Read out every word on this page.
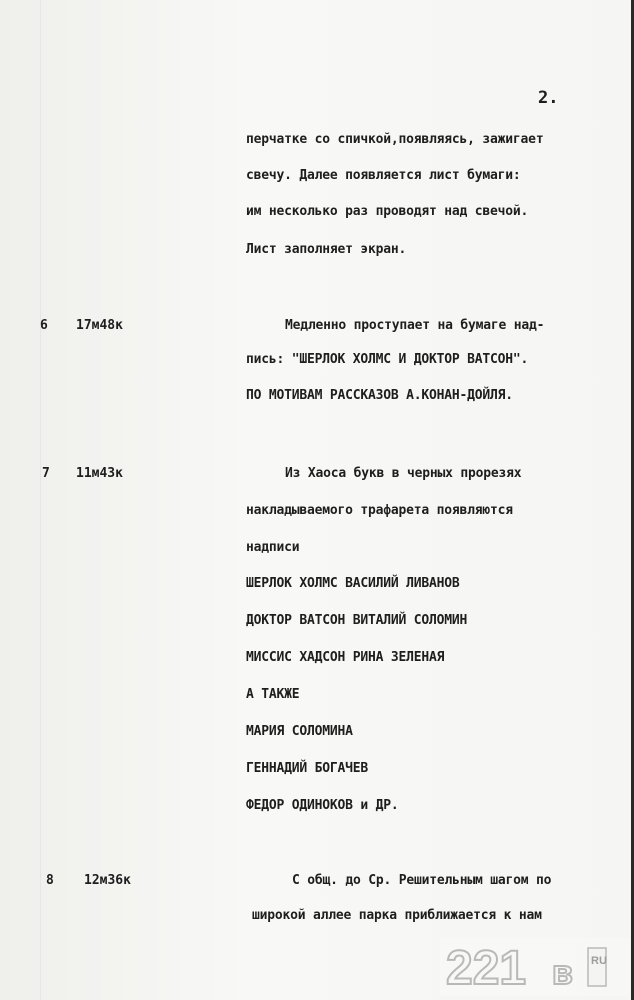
2.
перчатке со спичкой,появляясь, зажигает
свечу. Далее появляется лист бумаги:
им несколько раз проводят над свечой.
Лист заполняет экран.
6 17м48к	Медленно проступает на бумаге над-
пись: "ШЕРЛОК ХОЛМС И ДОКТОР ВАТСОН".
ПО МОТИВАМ РАССКАЗОВ А.КОНАН-ДОЙЛЯ.
7 11м43к	Из Хаоса букв в черных прорезях
накладываемого трафарета появляются
надписи
ШЕРЛОК ХОЛМС ВАСИЛИЙ ЛИВАНОВ
ДОКТОР ВАТСОН ВИТАЛИЙ СОЛОМИН
МИССИС ХАДСОН РИНА ЗЕЛЕНАЯ
А ТАКЖЕ
МАРИЯ СОЛОМИНА
ГЕННАДИЙ БОГАЧЕВ
ФЕДОР ОДИНОКОВ и ДР.
8 12м36к	С общ. до Ср. Решительным шагом по
широкой аллее парка приближается к нам
221 в RU
